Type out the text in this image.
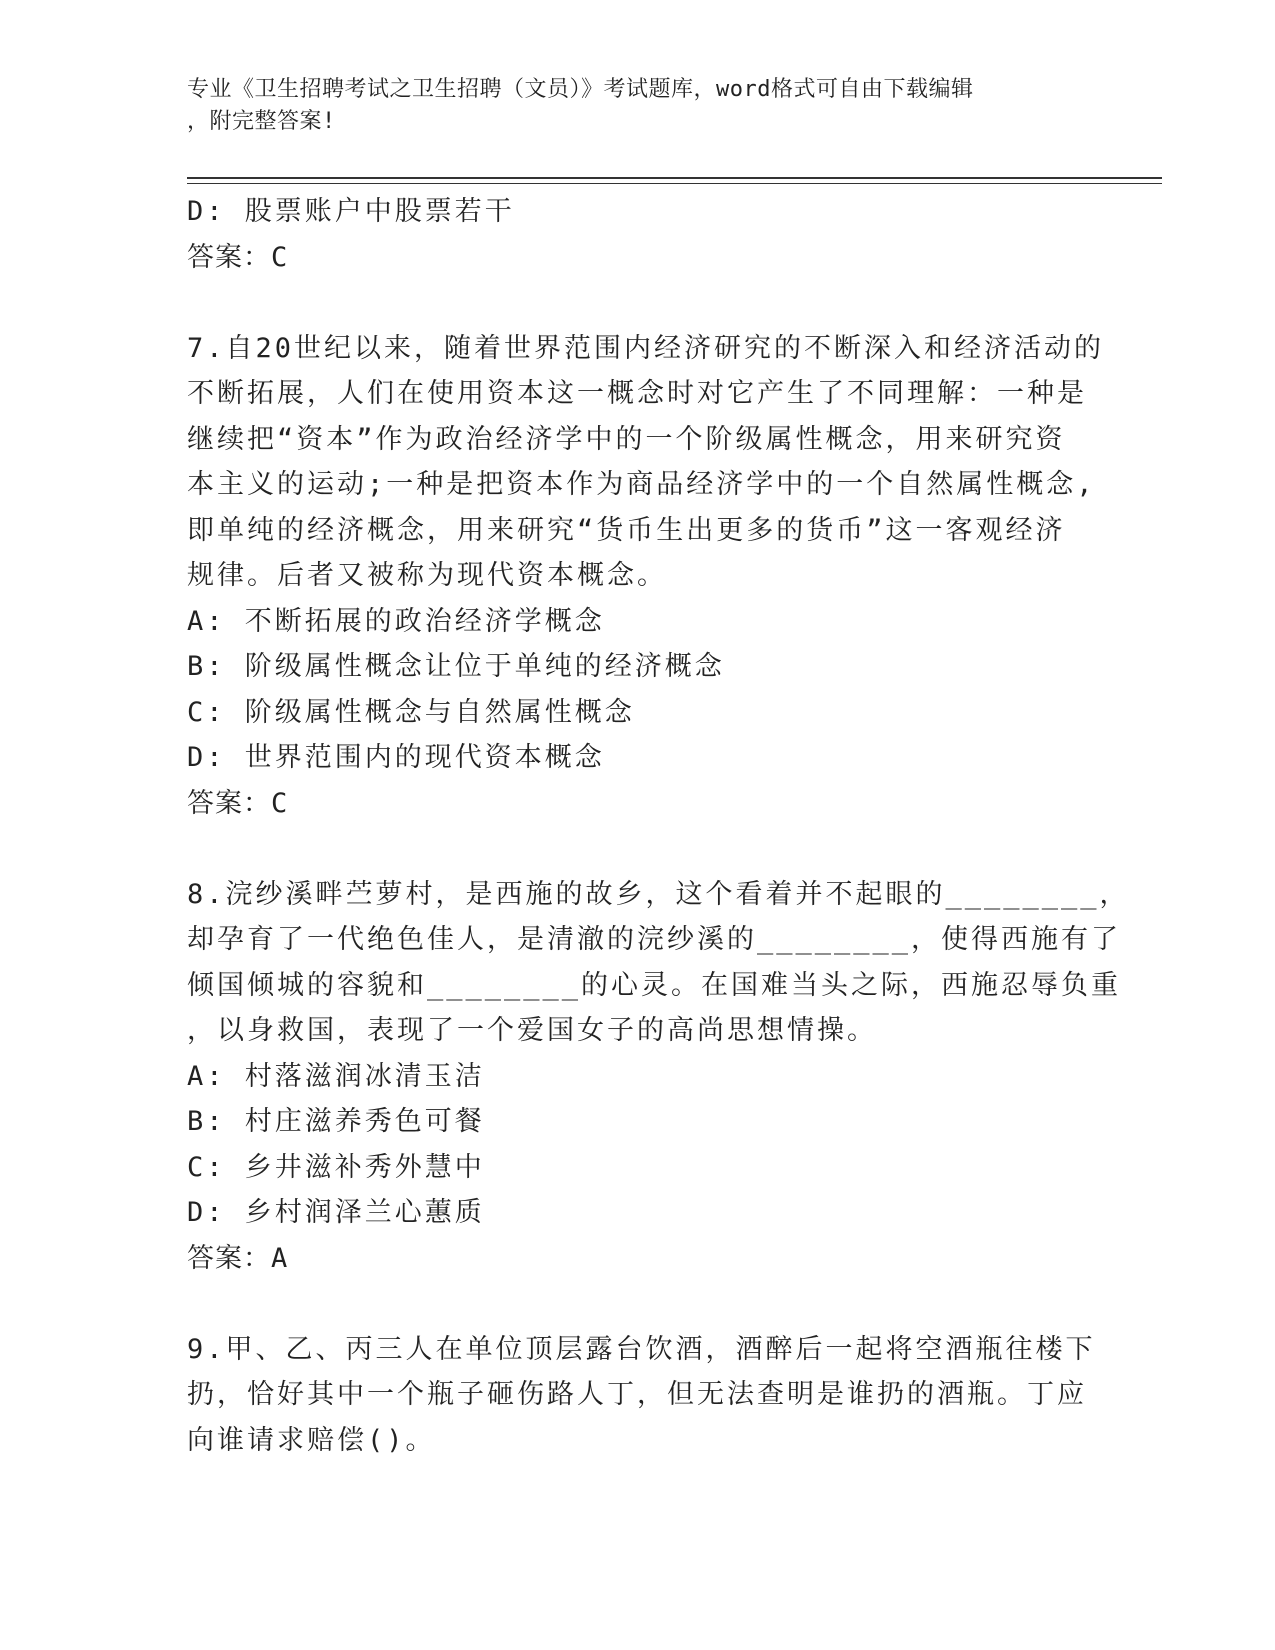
专业《卫生招聘考试之卫生招聘（文员）》考试题库，word格式可自由下载编辑
，附完整答案!
D: 股票账户中股票若干
答案：C
7.自20世纪以来，随着世界范围内经济研究的不断深入和经济活动的
不断拓展，人们在使用资本这一概念时对它产生了不同理解：一种是
继续把“资本”作为政治经济学中的一个阶级属性概念，用来研究资
本主义的运动;一种是把资本作为商品经济学中的一个自然属性概念,
即单纯的经济概念，用来研究“货币生出更多的货币”这一客观经济
规律。后者又被称为现代资本概念。
A: 不断拓展的政治经济学概念
B: 阶级属性概念让位于单纯的经济概念
C: 阶级属性概念与自然属性概念
D: 世界范围内的现代资本概念
答案：C
8.浣纱溪畔苎萝村，是西施的故乡，这个看着并不起眼的________，
却孕育了一代绝色佳人，是清澈的浣纱溪的________，使得西施有了
倾国倾城的容貌和________的心灵。在国难当头之际，西施忍辱负重
，以身救国，表现了一个爱国女子的高尚思想情操。
A: 村落滋润冰清玉洁
B: 村庄滋养秀色可餐
C: 乡井滋补秀外慧中
D: 乡村润泽兰心蕙质
答案：A
9.甲、乙、丙三人在单位顶层露台饮酒，酒醉后一起将空酒瓶往楼下
扔，恰好其中一个瓶子砸伤路人丁，但无法查明是谁扔的酒瓶。丁应
向谁请求赔偿()。
